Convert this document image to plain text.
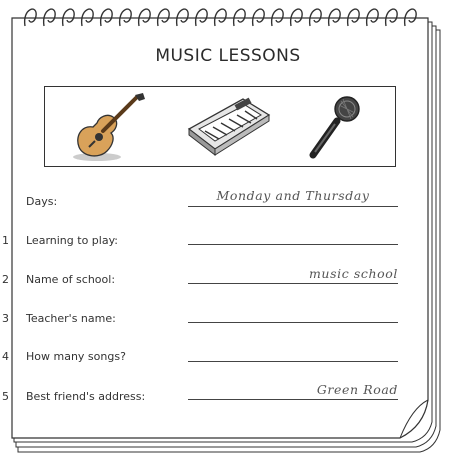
MUSIC LESSONS
Days:	Monday and Thursday
1 Learning to play:
2 Name of school:	music school
3 Teacher's name:
4 How many songs?
5 Best friend's address:	Green Road
